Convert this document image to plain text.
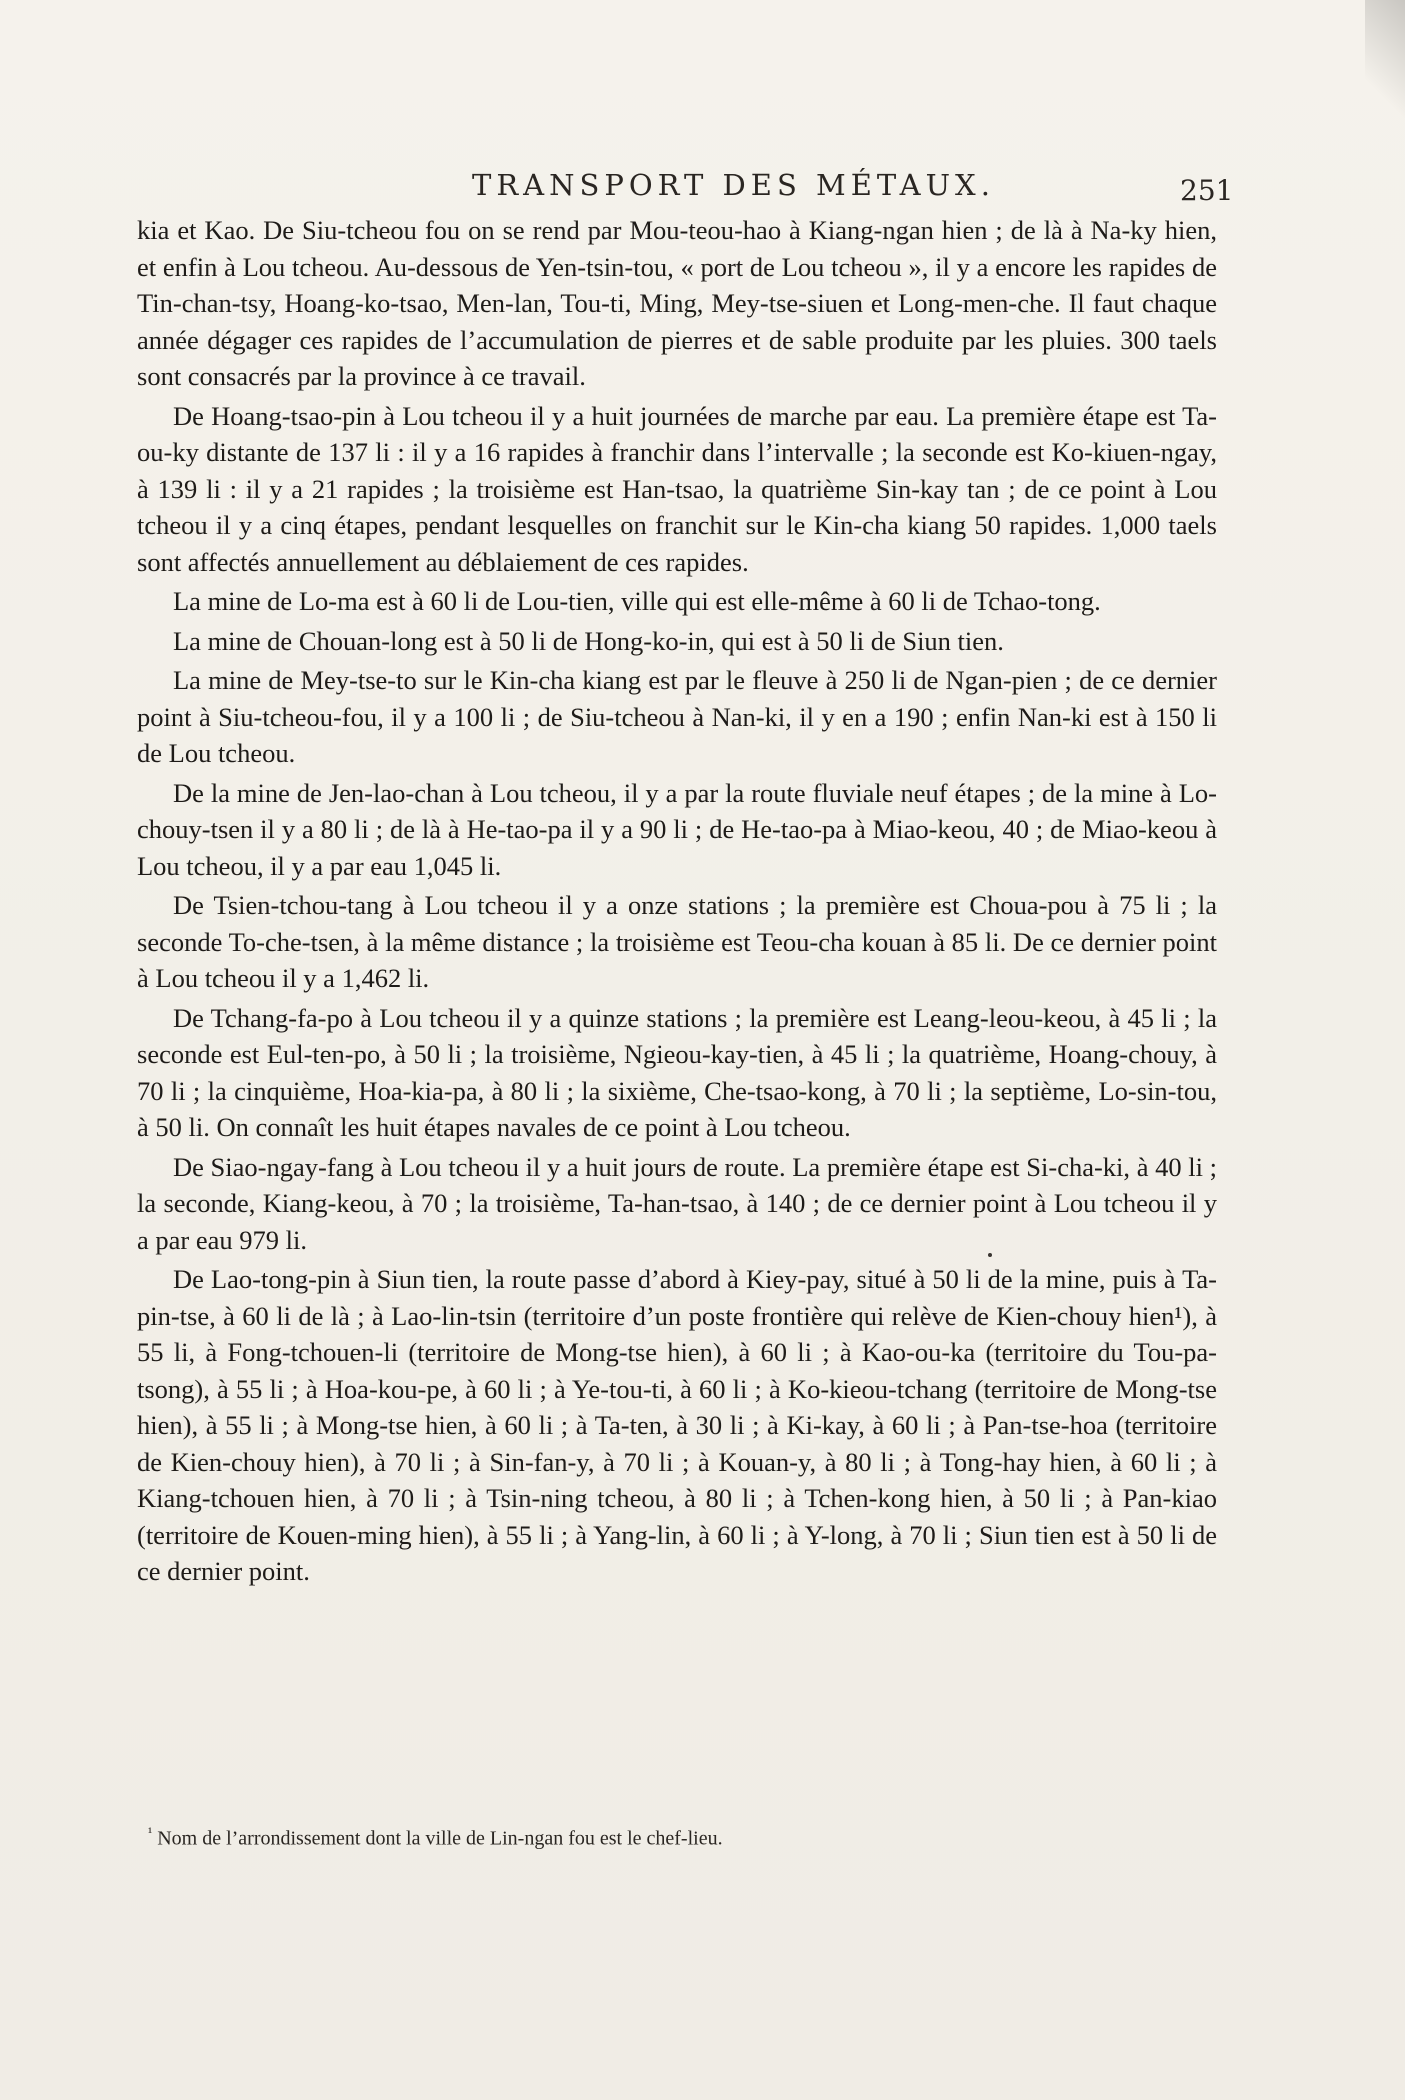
TRANSPORT DES MÉTAUX.	251

kia et Kao. De Siu-tcheou fou on se rend par Mou-teou-hao à Kiang-ngan hien ; de là à Na-ky hien, et enfin à Lou tcheou. Au-dessous de Yen-tsin-tou, « port de Lou tcheou », il y a encore les rapides de Tin-chan-tsy, Hoang-ko-tsao, Men-lan, Tou-ti, Ming, Mey-tse-siuen et Long-men-che. Il faut chaque année dégager ces rapides de l’accumulation de pierres et de sable produite par les pluies. 300 taels sont consacrés par la province à ce travail.

De Hoang-tsao-pin à Lou tcheou il y a huit journées de marche par eau. La première étape est Ta-ou-ky distante de 137 li : il y a 16 rapides à franchir dans l’intervalle ; la seconde est Ko-kiuen-ngay, à 139 li : il y a 21 rapides ; la troisième est Han-tsao, la quatrième Sin-kay tan ; de ce point à Lou tcheou il y a cinq étapes, pendant lesquelles on franchit sur le Kin-cha kiang 50 rapides. 1,000 taels sont affectés annuellement au déblaiement de ces rapides.

La mine de Lo-ma est à 60 li de Lou-tien, ville qui est elle-même à 60 li de Tchao-tong.

La mine de Chouan-long est à 50 li de Hong-ko-in, qui est à 50 li de Siun tien.

La mine de Mey-tse-to sur le Kin-cha kiang est par le fleuve à 250 li de Ngan-pien ; de ce dernier point à Siu-tcheou-fou, il y a 100 li ; de Siu-tcheou à Nan-ki, il y en a 190 ; enfin Nan-ki est à 150 li de Lou tcheou.

De la mine de Jen-lao-chan à Lou tcheou, il y a par la route fluviale neuf étapes ; de la mine à Lo-chouy-tsen il y a 80 li ; de là à He-tao-pa il y a 90 li ; de He-tao-pa à Miao-keou, 40 ; de Miao-keou à Lou tcheou, il y a par eau 1,045 li.

De Tsien-tchou-tang à Lou tcheou il y a onze stations ; la première est Choua-pou à 75 li ; la seconde To-che-tsen, à la même distance ; la troisième est Teou-cha kouan à 85 li. De ce dernier point à Lou tcheou il y a 1,462 li.

De Tchang-fa-po à Lou tcheou il y a quinze stations ; la première est Leang-leou-keou, à 45 li ; la seconde est Eul-ten-po, à 50 li ; la troisième, Ngieou-kay-tien, à 45 li ; la quatrième, Hoang-chouy, à 70 li ; la cinquième, Hoa-kia-pa, à 80 li ; la sixième, Che-tsao-kong, à 70 li ; la septième, Lo-sin-tou, à 50 li. On connaît les huit étapes navales de ce point à Lou tcheou.

De Siao-ngay-fang à Lou tcheou il y a huit jours de route. La première étape est Si-cha-ki, à 40 li ; la seconde, Kiang-keou, à 70 ; la troisième, Ta-han-tsao, à 140 ; de ce dernier point à Lou tcheou il y a par eau 979 li.

De Lao-tong-pin à Siun tien, la route passe d’abord à Kiey-pay, situé à 50 li de la mine, puis à Ta-pin-tse, à 60 li de là ; à Lao-lin-tsin (territoire d’un poste frontière qui relève de Kien-chouy hien¹), à 55 li, à Fong-tchouen-li (territoire de Mong-tse hien), à 60 li ; à Kao-ou-ka (territoire du Tou-pa-tsong), à 55 li ; à Hoa-kou-pe, à 60 li ; à Ye-tou-ti, à 60 li ; à Ko-kieou-tchang (territoire de Mong-tse hien), à 55 li ; à Mong-tse hien, à 60 li ; à Ta-ten, à 30 li ; à Ki-kay, à 60 li ; à Pan-tse-hoa (territoire de Kien-chouy hien), à 70 li ; à Sin-fan-y, à 70 li ; à Kouan-y, à 80 li ; à Tong-hay hien, à 60 li ; à Kiang-tchouen hien, à 70 li ; à Tsin-ning tcheou, à 80 li ; à Tchen-kong hien, à 50 li ; à Pan-kiao (territoire de Kouen-ming hien), à 55 li ; à Yang-lin, à 60 li ; à Y-long, à 70 li ; Siun tien est à 50 li de ce dernier point.

$^{^1}$ Nom de l’arrondissement dont la ville de Lin-ngan fou est le chef-lieu.
